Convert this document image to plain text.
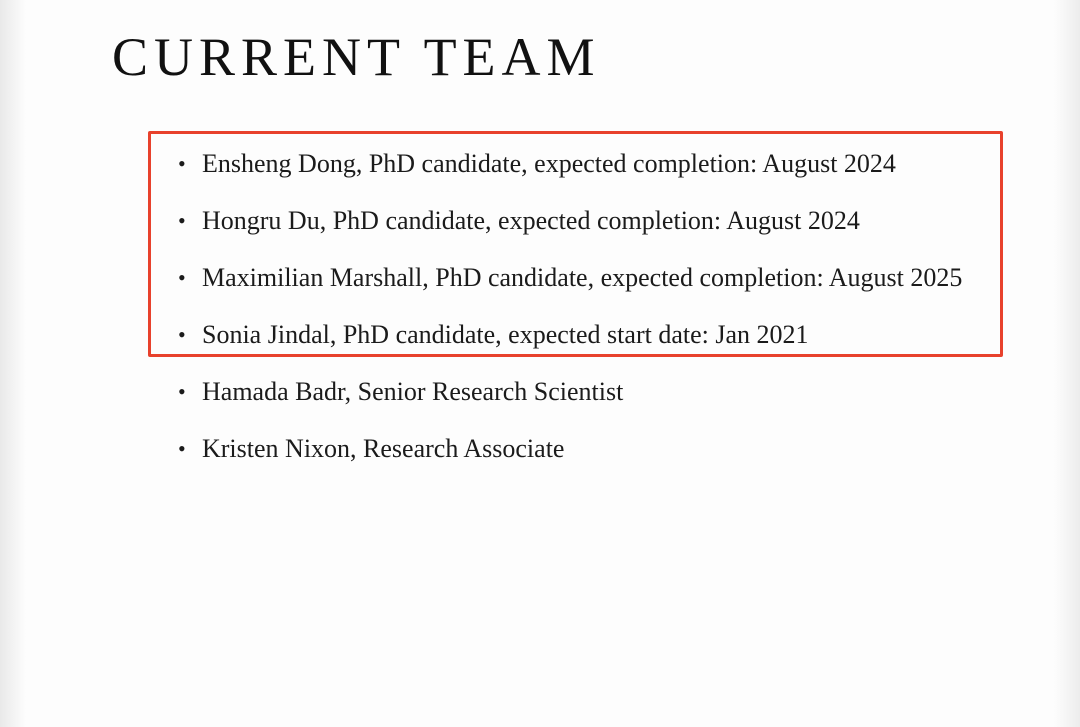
CURRENT TEAM
• Ensheng Dong, PhD candidate, expected completion: August 2024
• Hongru Du, PhD candidate, expected completion: August 2024
• Maximilian Marshall, PhD candidate, expected completion: August 2025
• Sonia Jindal, PhD candidate, expected start date: Jan 2021
• Hamada Badr, Senior Research Scientist
• Kristen Nixon, Research Associate
